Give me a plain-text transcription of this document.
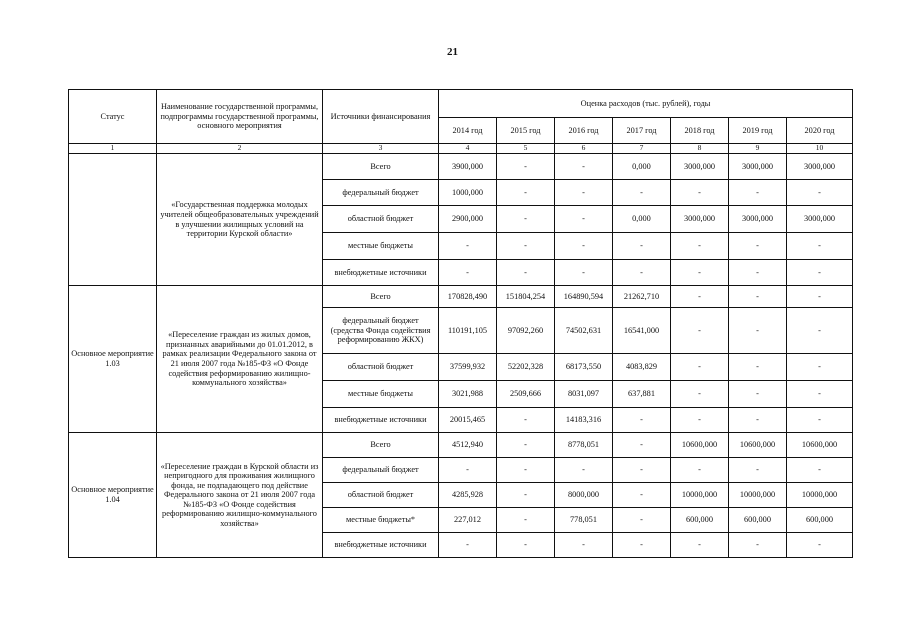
21
Статус	Наименование государственной программы, подпрограммы государственной программы, основного мероприятия	Источники финансирования	Оценка расходов (тыс. рублей), годы						
			2014 год	2015 год	2016 год	2017 год	2018 год	2019 год	2020 год
1	2	3	4	5	6	7	8	9	10
	«Государственная поддержка молодых учителей общеобразовательных учреждений в улучшении жилищных условий на территории Курской области»	Всего	3900,000	-	-	0,000	3000,000	3000,000	3000,000
		федеральный бюджет	1000,000	-	-	-	-	-	-
		областной бюджет	2900,000	-	-	0,000	3000,000	3000,000	3000,000
		местные бюджеты	-	-	-	-	-	-	-
		внебюджетные источники	-	-	-	-	-	-	-
Основное мероприятие 1.03	«Переселение граждан из жилых домов, признанных аварийными до 01.01.2012, в рамках реализации Федерального закона от 21 июля 2007 года №185-ФЗ «О Фонде содействия реформированию жилищно-коммунального хозяйства»	Всего	170828,490	151804,254	164890,594	21262,710	-	-	-
		федеральный бюджет (средства Фонда содействия реформированию ЖКХ)	110191,105	97092,260	74502,631	16541,000	-	-	-
		областной бюджет	37599,932	52202,328	68173,550	4083,829	-	-	-
		местные бюджеты	3021,988	2509,666	8031,097	637,881	-	-	-
		внебюджетные источники	20015,465	-	14183,316	-	-	-	-
Основное мероприятие 1.04	«Переселение граждан в Курской области из непригодного для проживания жилищного фонда, не подпадающего под действие Федерального закона от 21 июля 2007 года №185-ФЗ «О Фонде содействия реформированию жилищно-коммунального хозяйства»	Всего	4512,940	-	8778,051	-	10600,000	10600,000	10600,000
		федеральный бюджет	-	-	-	-	-	-	-
		областной бюджет	4285,928	-	8000,000	-	10000,000	10000,000	10000,000
		местные бюджеты*	227,012	-	778,051	-	600,000	600,000	600,000
		внебюджетные источники	-	-	-	-	-	-	-
